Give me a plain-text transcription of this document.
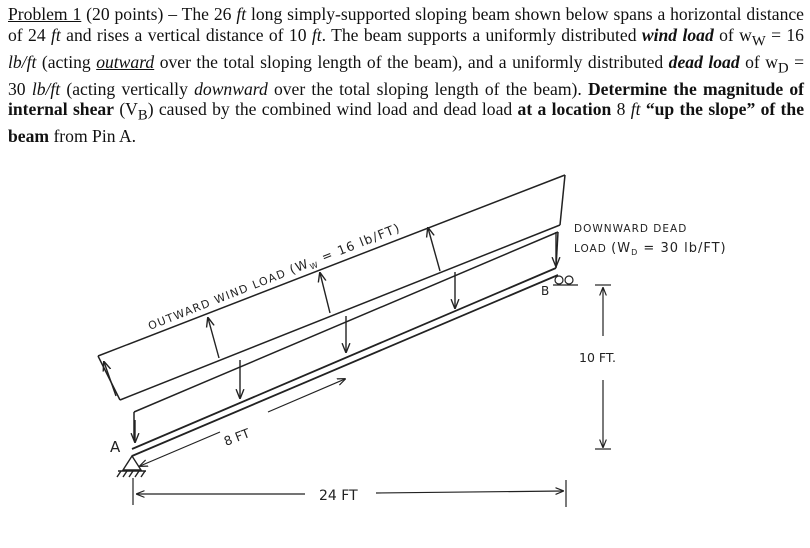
Problem 1 (20 points) – The 26 ft long simply-supported sloping beam shown below spans a horizontal distance of 24 ft and rises a vertical distance of 10 ft. The beam supports a uniformly distributed wind load of $w_W = 16$ lb/ft (acting outward over the total sloping length of the beam), and a uniformly distributed dead load of $w_D = 30$ lb/ft (acting vertically downward over the total sloping length of the beam). Determine the magnitude of internal shear $(V_B)$ caused by the combined wind load and dead load at a location 8 ft “up the slope” of the beam from Pin A.
A
B
OUTWARD WIND LOAD ($W_W = 16$ lb/FT)	DOWNWARD DEAD
LOAD ($W_D = 30$ lb/FT)
10 FT.
8 FT
24 FT
